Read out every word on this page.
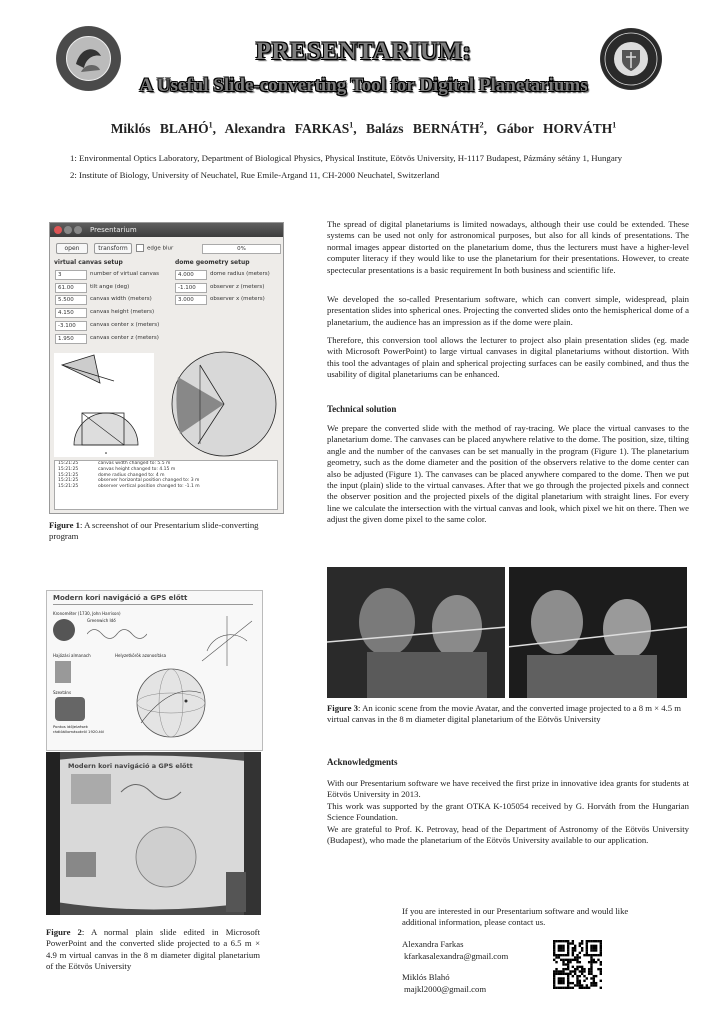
PRESENTARIUM:
A Useful Slide-converting Tool for Digital Planetariums
Miklós BLAHÓ$^1$, Alexandra FARKAS$^1$, Balázs BERNÁTH$^2$, Gábor HORVÁTH$^1$
1: Environmental Optics Laboratory, Department of Biological Physics, Physical Institute, Eötvös University, H-1117 Budapest, Pázmány sétány 1, Hungary
2: Institute of Biology, University of Neuchatel, Rue Emile-Argand 11, CH-2000 Neuchatel, Switzerland
Presentarium
open	transform	edge blur	0%
virtual canvas setup	dome geometry setup
15:21:25	canvas width changed to: 5.5 m
15:21:25	canvas height changed to: 4.15 m
15:21:25	dome radius changed to: 4 m
15:21:25	observer horizontal position changed to: 3 m
15:21:25	observer vertical position changed to: -1.1 m
3	number of virtual canvas
61.00	tilt ange (deg)
5.500	canvas width (meters)
4.150	canvas height (meters)
-3.100	canvas center x (meters)
1.950	canvas center z (meters)
4.000	dome radius (meters)
-1.100	observer z (meters)
3.000	observer x (meters)
Figure 1: A screenshot of our Presentarium slide-converting program
The spread of digital planetariums is limited nowadays, although their use could be extended. These systems can be used not only for astronomical purposes, but also for all kinds of presentations. The normal images appear distorted on the planetarium dome, thus the lecturers must have a higher-level computer literacy if they would like to use the planetarium for their presentations. However, to create spectecular presentations is a basic requirement In both business and scientific life.
We developed the so-called Presentarium software, which can convert simple, widespread, plain presentation slides into spherical ones. Projecting the converted slides onto the hemispherical dome of a planetarium, the audience has an impression as if the dome were plain.
Therefore, this conversion tool allows the lecturer to project also plain presentation slides (eg. made with Microsoft PowerPoint) to large virtual canvases in digital planetariums without distortion. With this tool the advantages of plain and spherical projecting surfaces can be easily combined, and thus the usability of digital planetariums can be enhanced.
Technical solution
We prepare the converted slide with the method of ray-tracing. We place the virtual canvases to the planetarium dome. The canvases can be placed anywhere relative to the dome. The position, size, tilting angle and the number of the canvases can be set manually in the program (Figure 1). The planetarium geometry, such as the dome diameter and the position of the observers relative to the dome center can also be adjusted (Figure 1). The canvases can be placed anywhere compared to the dome. Then we put the input (plain) slide to the virtual canvases. After that we go through the projected pixels and connect the observer position and the projected pixels of the digital planetarium with straight lines. For every line we calculate the intersection with the virtual canvas and look, which pixel we hit on there. Then we adjust the given dome pixel to the same color.
Modern kori navigáció a GPS előtt
Kronométer (1730, John Harrison)
Greenwich Idő
Hajózási almanach	Helyzetkörök azonosítása
Szextáns
Pontos időjelzések rádióállomásokról 1920-tól
Modern kori navigáció a GPS előtt
Figure 2: A normal plain slide edited in Microsoft PowerPoint and the converted slide projected to a 6.5 m × 4.9 m virtual canvas in the 8 m diameter digital planetarium of the Eötvös University
Figure 3: An iconic scene from the movie Avatar, and the converted image projected to a 8 m × 4.5 m virtual canvas in the 8 m diameter digital planetarium of the Eötvös University
Acknowledgments
With our Presentarium software we have received the first prize in innovative idea grants for students at Eötvös University in 2013.
This work was supported by the grant OTKA K-105054 received by G. Horváth from the Hungarian Science Foundation.
We are grateful to Prof. K. Petrovay, head of the Department of Astronomy of the Eötvös University (Budapest), who made the planetarium of the Eötvös University available to our application.
If you are interested in our Presentarium software and would like additional information, please contact us.
Alexandra Farkas
kfarkasalexandra@gmail.com
Miklós Blahó
majkl2000@gmail.com
